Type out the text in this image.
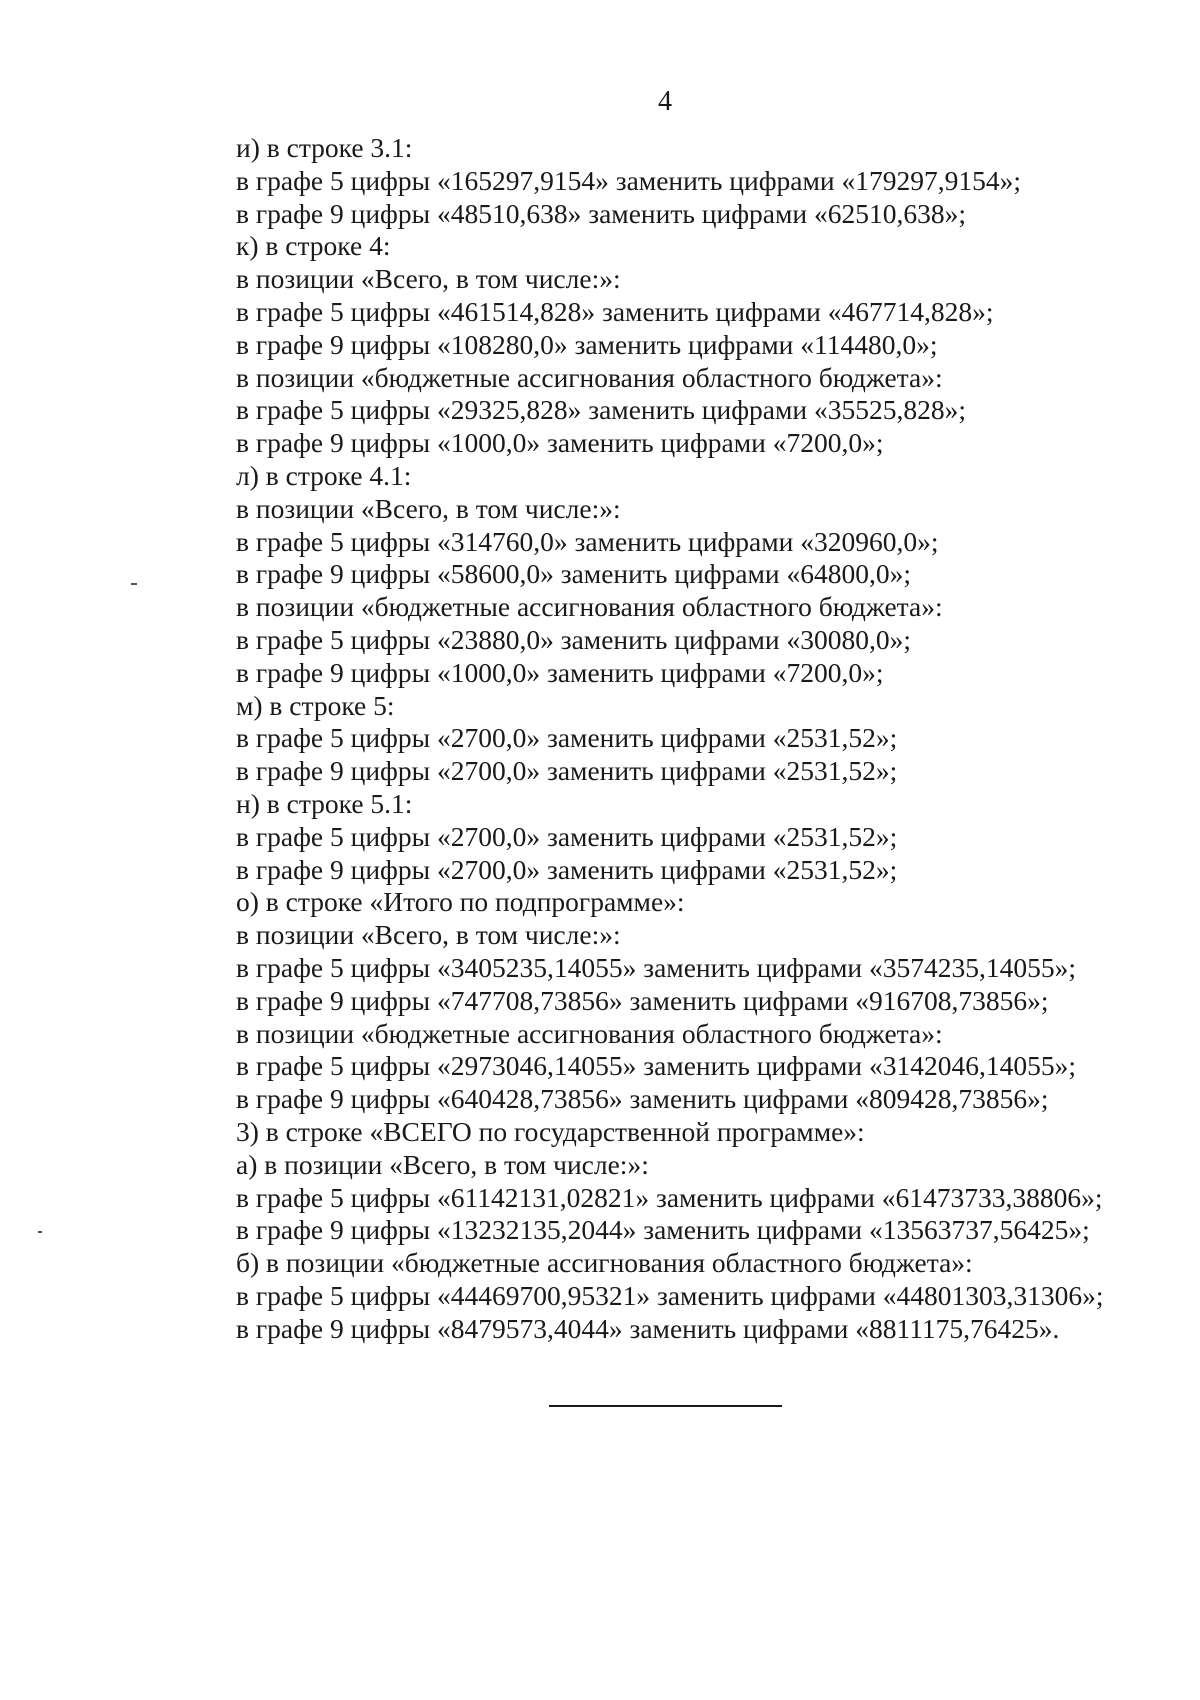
4
и) в строке 3.1:
в графе 5 цифры «165297,9154» заменить цифрами «179297,9154»;
в графе 9 цифры «48510,638» заменить цифрами «62510,638»;
к) в строке 4:
в позиции «Всего, в том числе:»:
в графе 5 цифры «461514,828» заменить цифрами «467714,828»;
в графе 9 цифры «108280,0» заменить цифрами «114480,0»;
в позиции «бюджетные ассигнования областного бюджета»:
в графе 5 цифры «29325,828» заменить цифрами «35525,828»;
в графе 9 цифры «1000,0» заменить цифрами «7200,0»;
л) в строке 4.1:
в позиции «Всего, в том числе:»:
в графе 5 цифры «314760,0» заменить цифрами «320960,0»;
в графе 9 цифры «58600,0» заменить цифрами «64800,0»;
в позиции «бюджетные ассигнования областного бюджета»:
в графе 5 цифры «23880,0» заменить цифрами «30080,0»;
в графе 9 цифры «1000,0» заменить цифрами «7200,0»;
м) в строке 5:
в графе 5 цифры «2700,0» заменить цифрами «2531,52»;
в графе 9 цифры «2700,0» заменить цифрами «2531,52»;
н) в строке 5.1:
в графе 5 цифры «2700,0» заменить цифрами «2531,52»;
в графе 9 цифры «2700,0» заменить цифрами «2531,52»;
о) в строке «Итого по подпрограмме»:
в позиции «Всего, в том числе:»:
в графе 5 цифры «3405235,14055» заменить цифрами «3574235,14055»;
в графе 9 цифры «747708,73856» заменить цифрами «916708,73856»;
в позиции «бюджетные ассигнования областного бюджета»:
в графе 5 цифры «2973046,14055» заменить цифрами «3142046,14055»;
в графе 9 цифры «640428,73856» заменить цифрами «809428,73856»;
3) в строке «ВСЕГО по государственной программе»:
а) в позиции «Всего, в том числе:»:
в графе 5 цифры «61142131,02821» заменить цифрами «61473733,38806»;
в графе 9 цифры «13232135,2044» заменить цифрами «13563737,56425»;
б) в позиции «бюджетные ассигнования областного бюджета»:
в графе 5 цифры «44469700,95321» заменить цифрами «44801303,31306»;
в графе 9 цифры «8479573,4044» заменить цифрами «8811175,76425».
